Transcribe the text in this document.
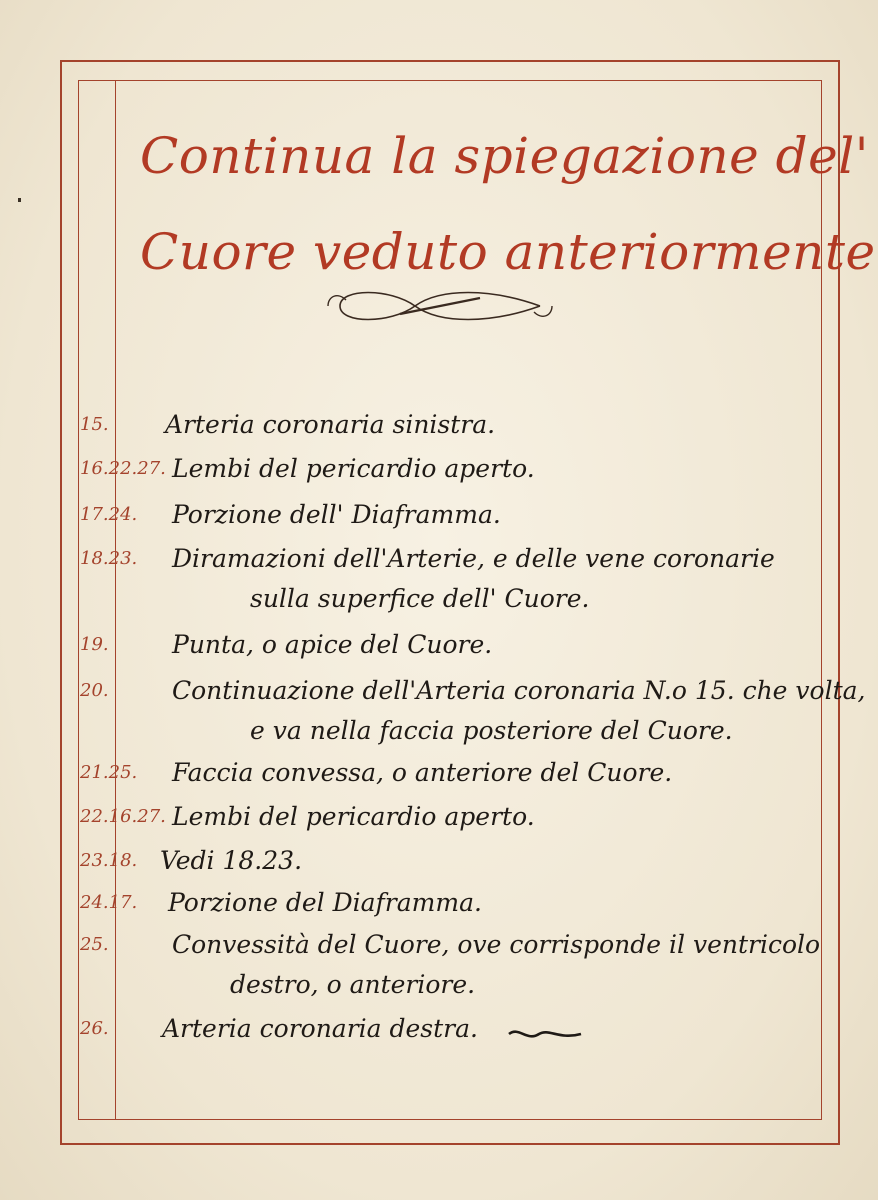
Continua la spiegazione del'
Cuore veduto anteriormente
15. Arteria coronaria sinistra.
16.22.27. Lembi del pericardio aperto.
17.24. Porzione dell' Diaframma.
18.23. Diramazioni dell'Arterie, e delle vene coronarie
sulla superfice dell' Cuore.
19.	Punta, o apice del Cuore.
20.	Continuazione dell'Arteria coronaria N.o 15. che volta,
e va nella faccia posteriore del Cuore.
21.25. Faccia convessa, o anteriore del Cuore.
22.16.27. Lembi del pericardio aperto.
23.18. Vedi 18.23.
24.17. Porzione del Diaframma.
25.	Convessità del Cuore, ove corrisponde il ventricolo
destro, o anteriore.
26. Arteria coronaria destra.
